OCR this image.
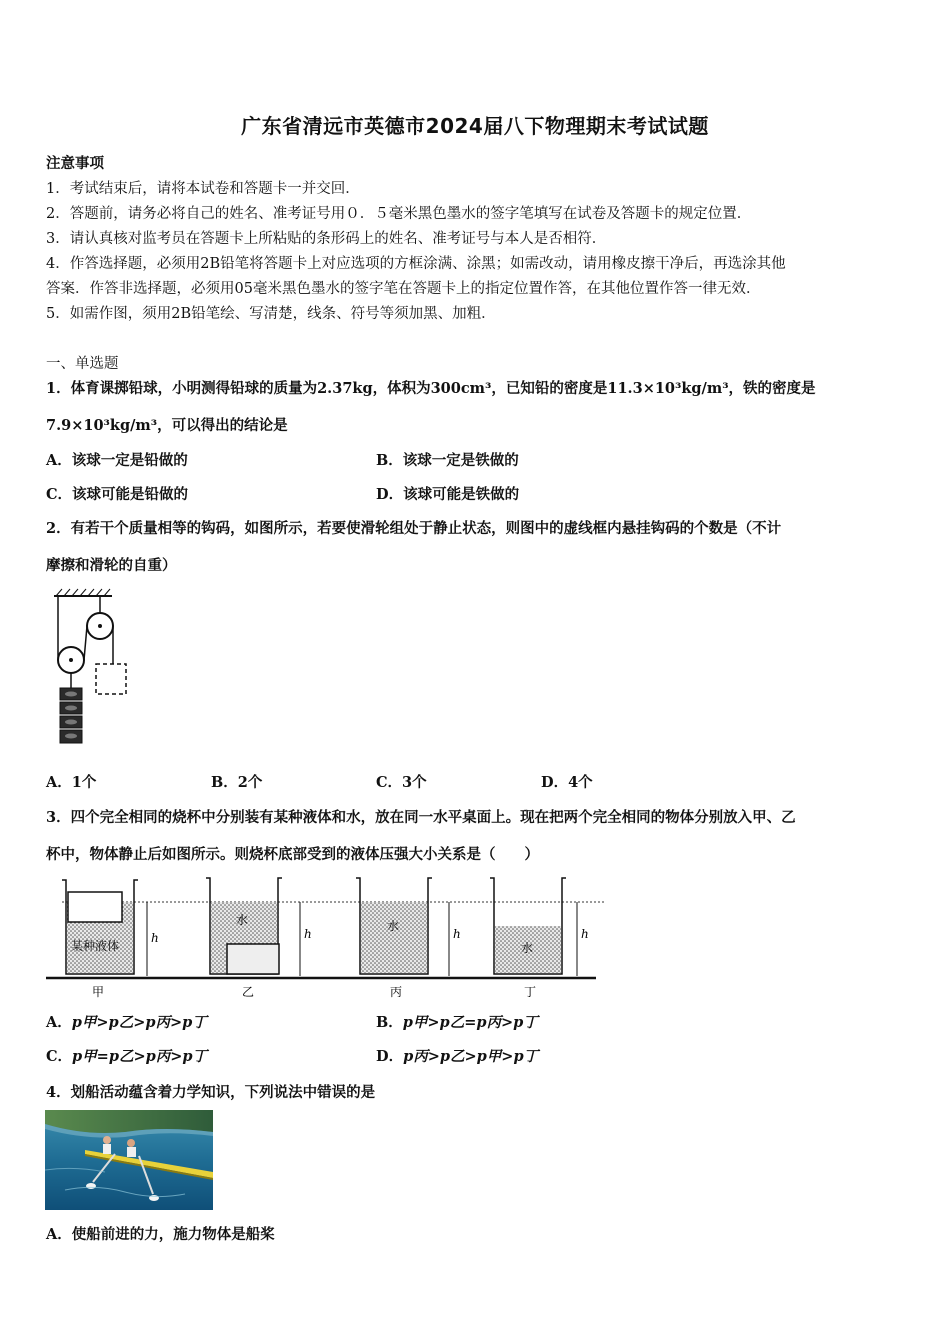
广东省清远市英德市2024届八下物理期末考试试题
注意事项
1．考试结束后，请将本试卷和答题卡一并交回．
2．答题前，请务必将自己的姓名、准考证号用０．５毫米黑色墨水的签字笔填写在试卷及答题卡的规定位置．
3．请认真核对监考员在答题卡上所粘贴的条形码上的姓名、准考证号与本人是否相符．
4．作答选择题，必须用2B铅笔将答题卡上对应选项的方框涂满、涂黑；如需改动，请用橡皮擦干净后，再选涂其他
答案．作答非选择题，必须用05毫米黑色墨水的签字笔在答题卡上的指定位置作答，在其他位置作答一律无效．
5．如需作图，须用2B铅笔绘、写清楚，线条、符号等须加黑、加粗．
一、单选题
1．体育课掷铅球，小明测得铅球的质量为2.37kg，体积为300cm³，已知铅的密度是11.3×10³kg/m³，铁的密度是
7.9×10³kg/m³，可以得出的结论是
A．该球一定是铅做的	B．该球一定是铁做的
C．该球可能是铅做的	D．该球可能是铁做的
2．有若干个质量相等的钩码，如图所示，若要使滑轮组处于静止状态，则图中的虚线框内悬挂钩码的个数是（不计
摩擦和滑轮的自重）
A．1个	B．2个	C．3个	D．4个
3．四个完全相同的烧杯中分别装有某种液体和水，放在同一水平桌面上。现在把两个完全相同的物体分别放入甲、乙
杯中，物体静止后如图所示。则烧杯底部受到的液体压强大小关系是（　　）
某种液体
h
甲
水
h
乙
水
h
丙
水
h
丁
A．p甲>p乙>p丙>p丁	B．p甲>p乙=p丙>p丁
C．p甲=p乙>p丙>p丁	D．p丙>p乙>p甲>p丁
4．划船活动蕴含着力学知识，下列说法中错误的是
A．使船前进的力，施力物体是船桨
